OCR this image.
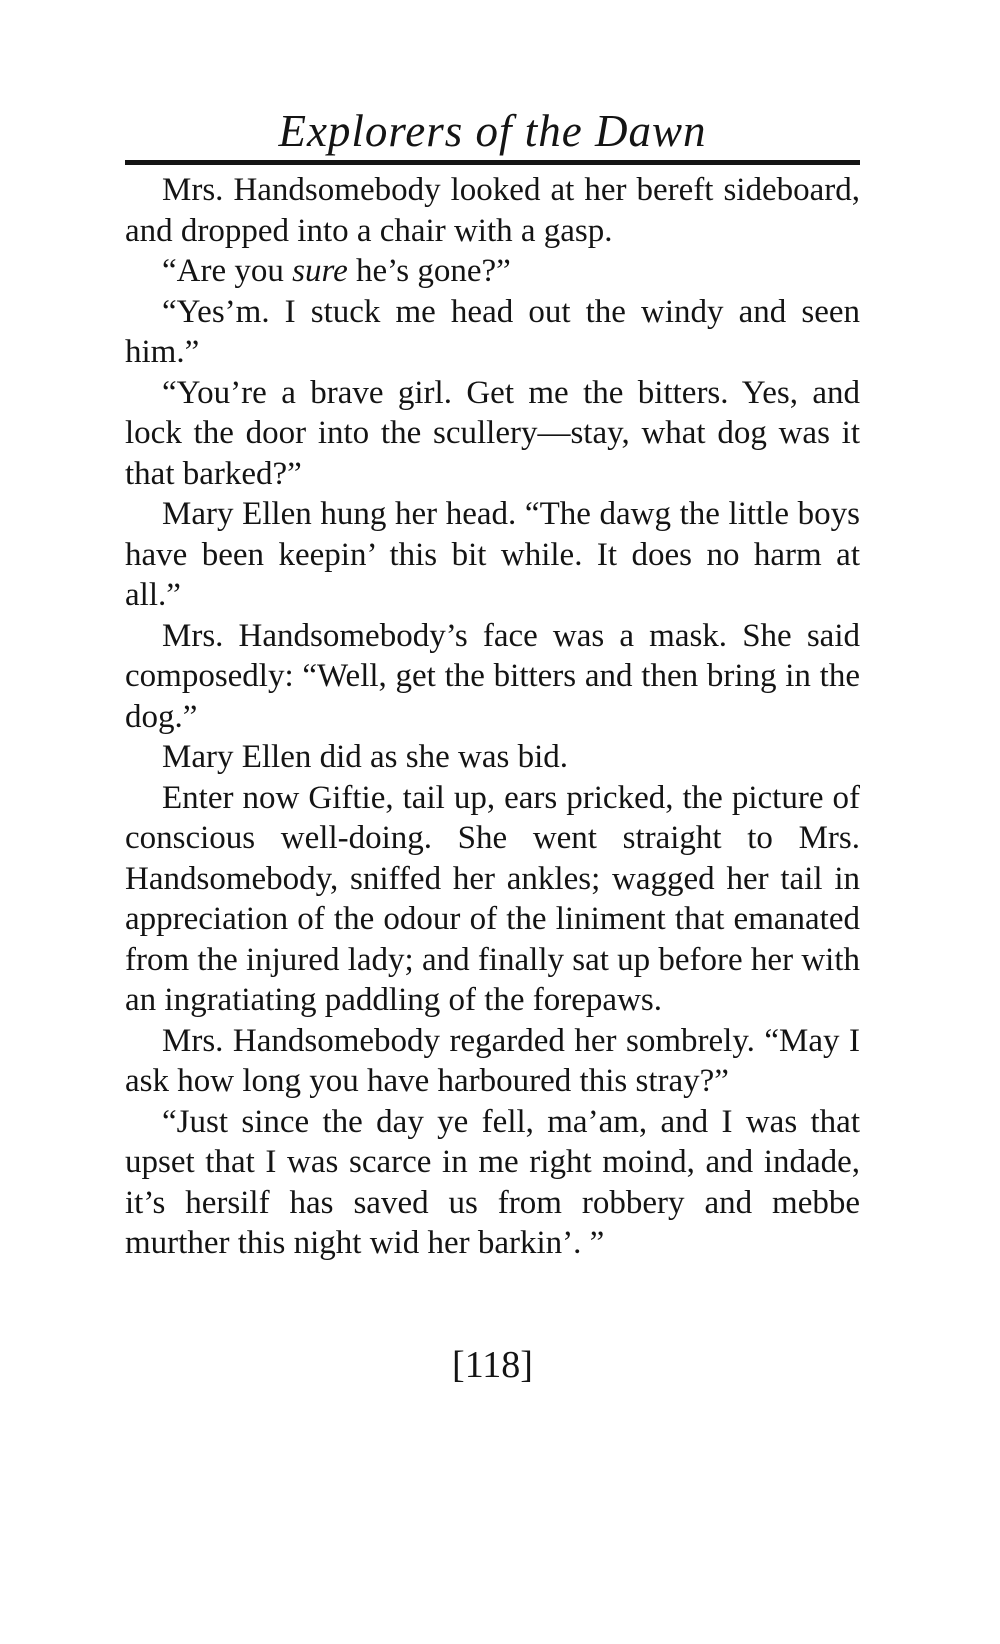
Explorers of the Dawn

Mrs. Handsomebody looked at her bereft sideboard, and dropped into a chair with a gasp.

“Are you sure he’s gone?”

“Yes’m. I stuck me head out the windy and seen him.”

“You’re a brave girl. Get me the bitters. Yes, and lock the door into the scullery—stay, what dog was it that barked?”

Mary Ellen hung her head. “The dawg the little boys have been keepin’ this bit while. It does no harm at all.”

Mrs. Handsomebody’s face was a mask. She said composedly: “Well, get the bitters and then bring in the dog.”

Mary Ellen did as she was bid.

Enter now Giftie, tail up, ears pricked, the picture of conscious well-doing. She went straight to Mrs. Handsomebody, sniffed her ankles; wagged her tail in appreciation of the odour of the liniment that emanated from the injured lady; and finally sat up before her with an ingratiating paddling of the forepaws.

Mrs. Handsomebody regarded her sombrely. “May I ask how long you have harboured this stray?”

“Just since the day ye fell, ma’am, and I was that upset that I was scarce in me right moind, and indade, it’s hersilf has saved us from robbery and mebbe murther this night wid her barkin’. ”

[118]
